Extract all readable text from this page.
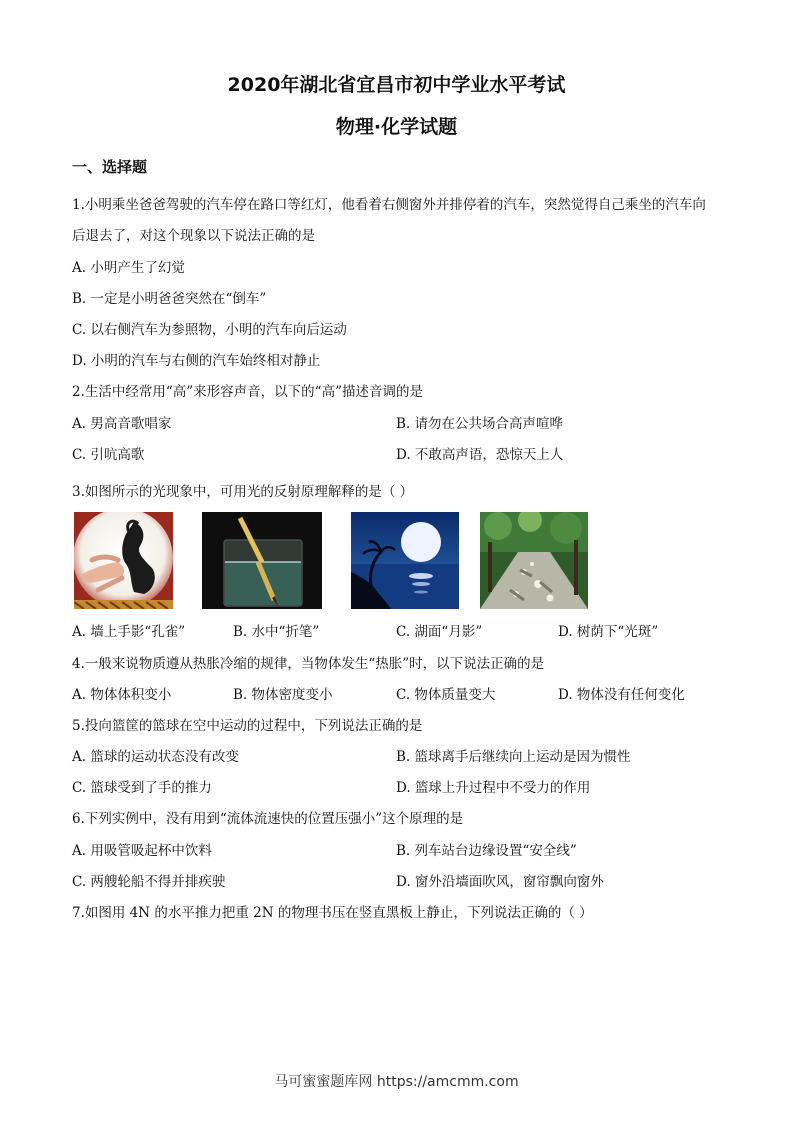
2020年湖北省宜昌市初中学业水平考试
物理·化学试题
一、选择题
1.小明乘坐爸爸驾驶的汽车停在路口等红灯，他看着右侧窗外并排停着的汽车，突然觉得自己乘坐的汽车向
后退去了，对这个现象以下说法正确的是
A. 小明产生了幻觉
B. 一定是小明爸爸突然在“倒车”
C. 以右侧汽车为参照物，小明的汽车向后运动
D. 小明的汽车与右侧的汽车始终相对静止
2.生活中经常用“高”来形容声音，以下的“高”描述音调的是
A. 男高音歌唱家	B. 请勿在公共场合高声喧哗
C. 引吭高歌	D. 不敢高声语，恐惊天上人
3.如图所示的光现象中，可用光的反射原理解释的是（ ）
A. 墙上手影“孔雀”	B. 水中“折笔”	C. 湖面“月影”	D. 树荫下“光斑”
4.一般来说物质遵从热胀冷缩的规律，当物体发生“热胀”时，以下说法正确的是
A. 物体体积变小	B. 物体密度变小	C. 物体质量变大	D. 物体没有任何变化
5.投向篮筐的篮球在空中运动的过程中，下列说法正确的是
A. 篮球的运动状态没有改变	B. 篮球离手后继续向上运动是因为惯性
C. 篮球受到了手的推力	D. 篮球上升过程中不受力的作用
6.下列实例中，没有用到“流体流速快的位置压强小”这个原理的是
A. 用吸管吸起杯中饮料	B. 列车站台边缘设置“安全线”
C. 两艘轮船不得并排疾驶	D. 窗外沿墙面吹风，窗帘飘向窗外
7.如图用 4N 的水平推力把重 2N 的物理书压在竖直黑板上静止，下列说法正确的（ ）
马可蜜蜜题库网 https://amcmm.com
